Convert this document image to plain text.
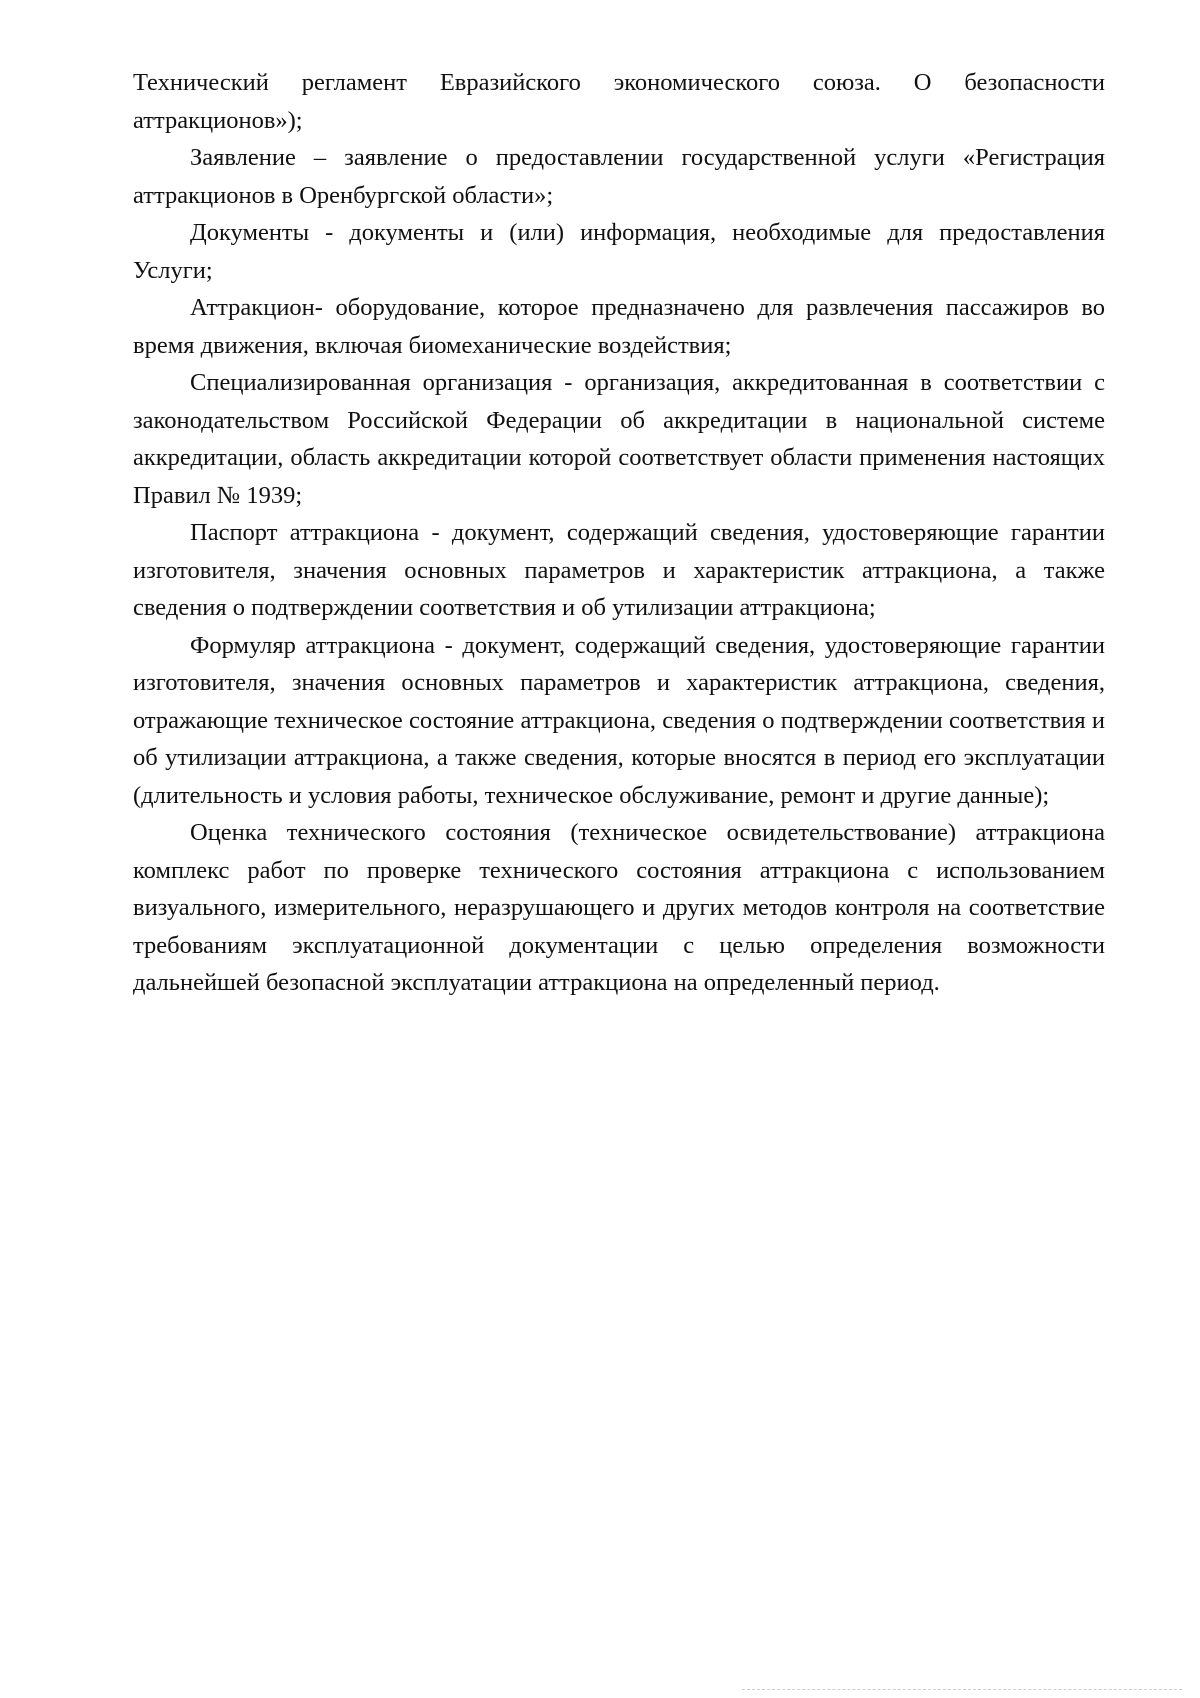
Технический регламент Евразийского экономического союза. О безопасности аттракционов»);

Заявление – заявление о предоставлении государственной услуги «Регистрация аттракционов в Оренбургской области»;

Документы - документы и (или) информация, необходимые для предоставления Услуги;

Аттракцион- оборудование, которое предназначено для развлечения пассажиров во время движения, включая биомеханические воздействия;

Специализированная организация - организация, аккредитованная в соответствии с законодательством Российской Федерации об аккредитации в национальной системе аккредитации, область аккредитации которой соответствует области применения настоящих Правил № 1939;

Паспорт аттракциона - документ, содержащий сведения, удостоверяющие гарантии изготовителя, значения основных параметров и характеристик аттракциона, а также сведения о подтверждении соответствия и об утилизации аттракциона;

Формуляр аттракциона - документ, содержащий сведения, удостоверяющие гарантии изготовителя, значения основных параметров и характеристик аттракциона, сведения, отражающие техническое состояние аттракциона, сведения о подтверждении соответствия и об утилизации аттракциона, а также сведения, которые вносятся в период его эксплуатации (длительность и условия работы, техническое обслуживание, ремонт и другие данные);

Оценка технического состояния (техническое освидетельствование) аттракциона комплекс работ по проверке технического состояния аттракциона с использованием визуального, измерительного, неразрушающего и других методов контроля на соответствие требованиям эксплуатационной документации с целью определения возможности дальнейшей безопасной эксплуатации аттракциона на определенный период.
